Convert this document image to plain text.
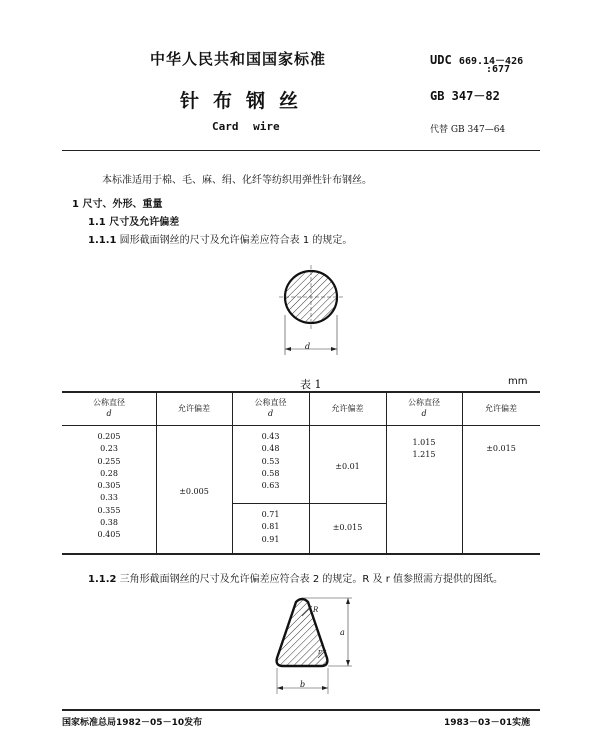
中华人民共和国国家标准
针布钢丝
Card wire
UDC 669.14－426
:677
GB 347－82
代替 GB 347—64
本标准适用于棉、毛、麻、绢、化纤等纺织用弹性针布钢丝。
1 尺寸、外形、重量
1.1 尺寸及允许偏差
1.1.1 圆形截面钢丝的尺寸及允许偏差应符合表 1 的规定。
d
表 1	mm
公称直径
d
允许偏差
公称直径
d
允许偏差
公称直径
d
允许偏差
0.205
0.23
0.255
0.28
0.305
0.33
0.355
0.38
0.405
±0.005
0.43
0.48
0.53
0.58
0.63
±0.01
0.71
0.81
0.91
±0.015
1.015
1.215
±0.015
1.1.2 三角形截面钢丝的尺寸及允许偏差应符合表 2 的规定。R 及 r 值参照需方提供的图纸。
R
r
a
b
国家标准总局1982－05－10发布	1983－03－01实施
